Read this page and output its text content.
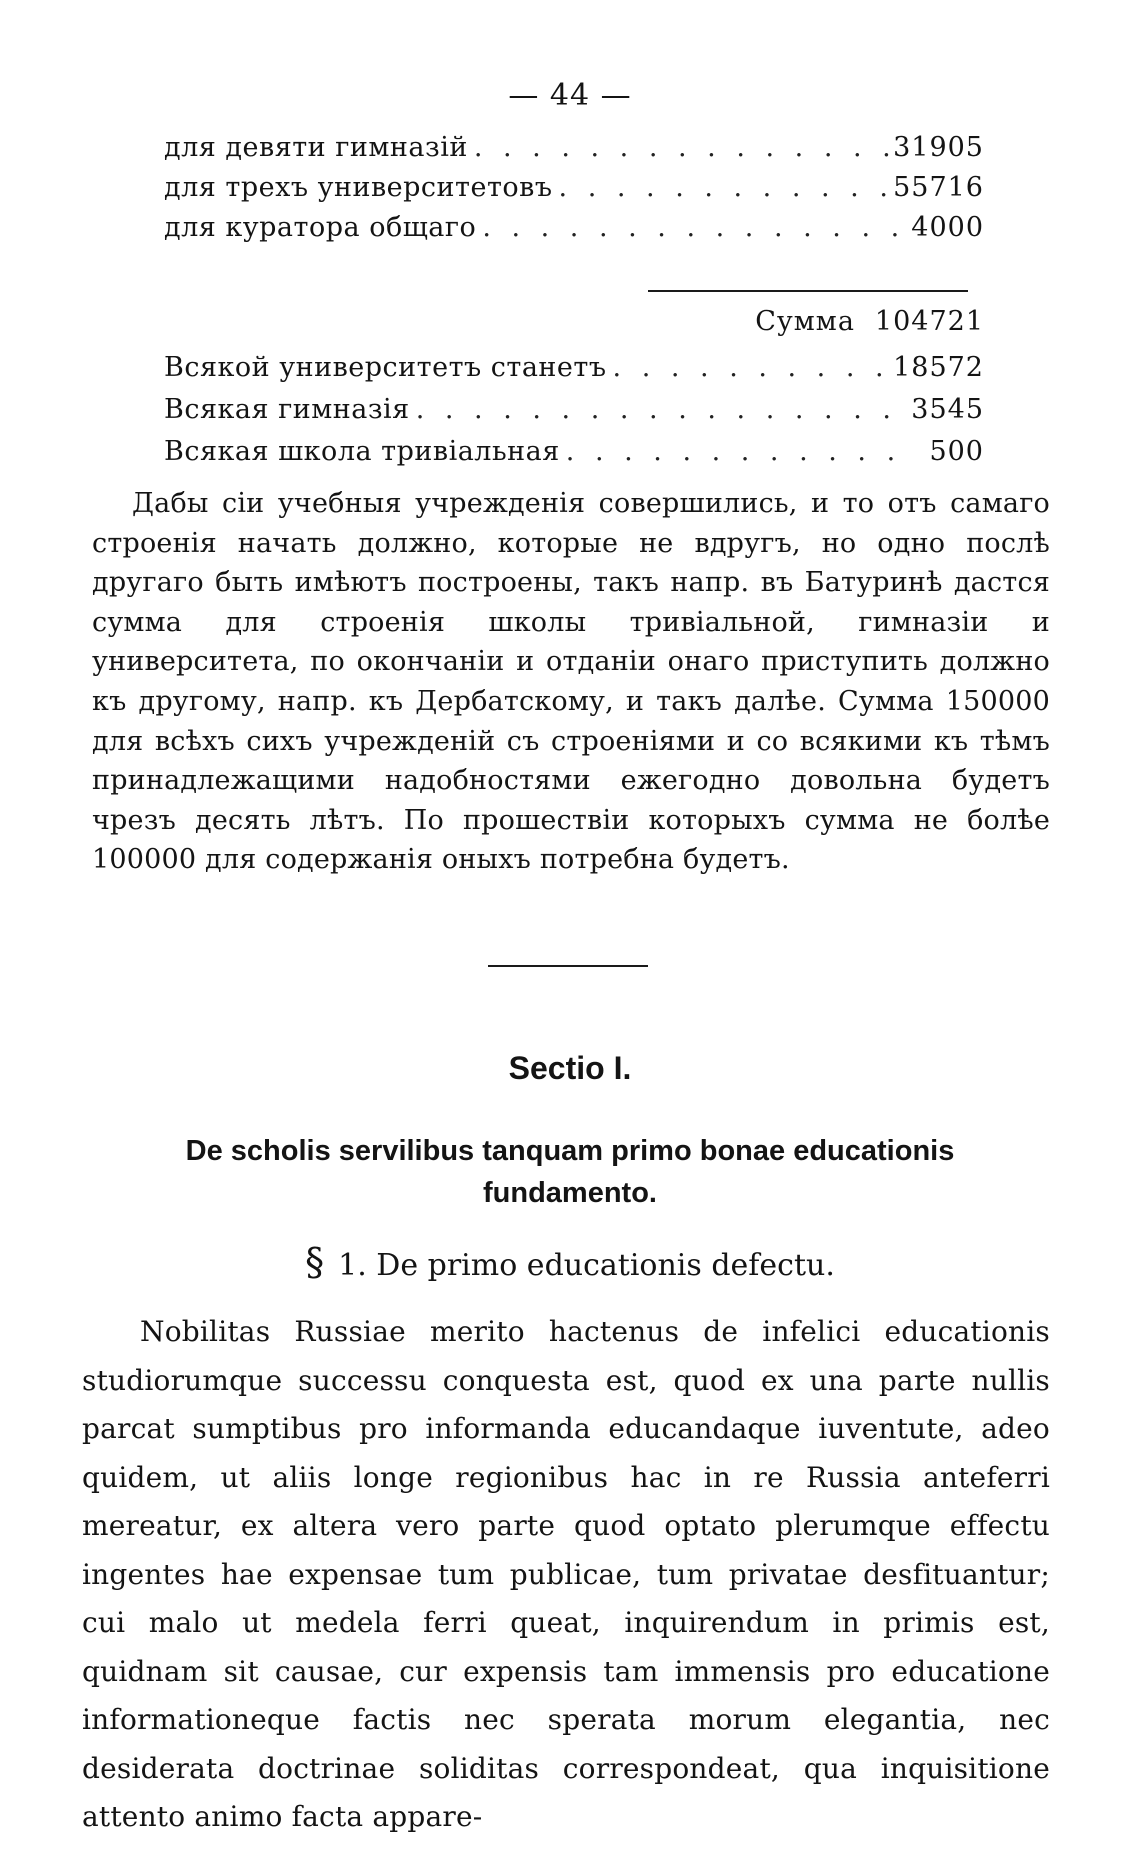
— 44 —
для девяти гимназій . . .	31905
для трехъ университетовъ . . .	55716
для куратора общаго . . .	4000
Сумма 104721
Всякой университетъ станетъ . . .	18572
Всякая гимназія . . .	3545
Всякая школа тривіальная . . .	500

Дабы сіи учебныя учрежденія совершились, и то отъ самаго строенія начать должно, которые не вдругъ, но одно послѣ другаго быть имѣютъ построены, такъ напр. въ Батуринѣ дастся сумма для строенія школы тривіальной, гимназіи и университета, по окончаніи и отданіи онаго приступить должно къ другому, напр. къ Дербатскому, и такъ далѣе. Сумма 150000 для всѣхъ сихъ учрежденій съ строеніями и со всякими къ тѣмъ принадлежащими надобностями ежегодно довольна будетъ чрезъ десять лѣтъ. По прошествіи которыхъ сумма не болѣе 100000 для содержанія оныхъ потребна будетъ.

Sectio I.
De scholis servilibus tanquam primo bonae educationis fundamento.
§ 1. De primo educationis defectu.

Nobilitas Russiae merito hactenus de infelici educationis studiorumque successu conquesta est, quod ex una parte nullis parcat sumptibus pro informanda educandaque iuventute, adeo quidem, ut aliis longe regionibus hac in re Russia anteferri mereatur, ex altera vero parte quod optato plerumque effectu ingentes hae expensae tum publicae, tum privatae desfituantur; cui malo ut medela ferri queat, inquirendum in primis est, quidnam sit causae, cur expensis tam immensis pro educatione informationeque factis nec sperata morum elegantia, nec desiderata doctrinae soliditas correspondeat, qua inquisitione attento animo facta appare-
